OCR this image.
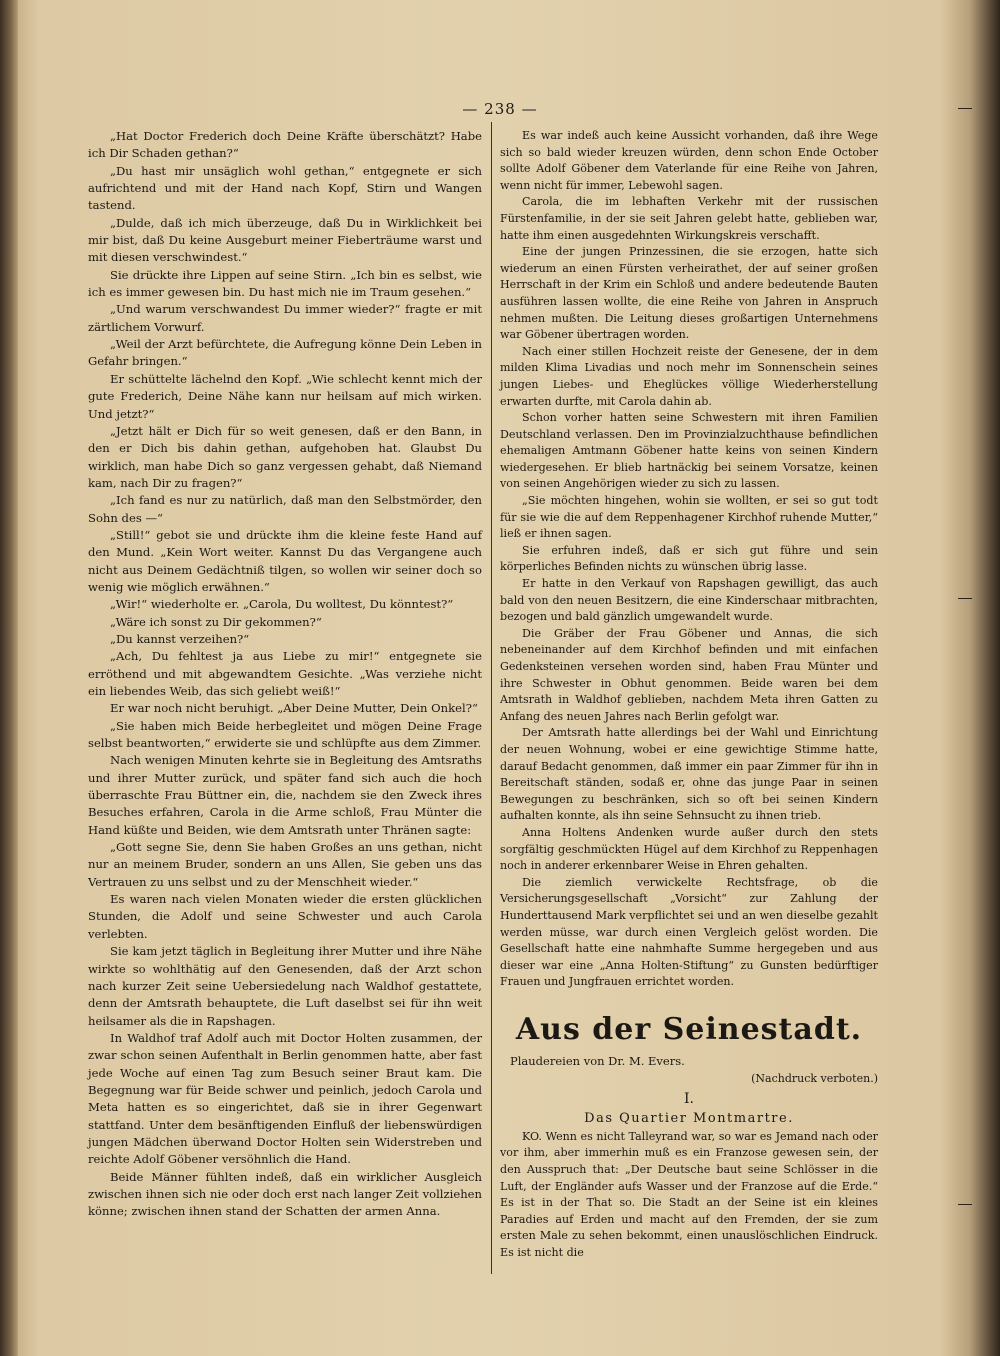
— 238 —

„Hat Doctor Frederich doch Deine Kräfte überschätzt? Habe ich Dir Schaden gethan?“

„Du hast mir unsäglich wohl gethan,“ entgegnete er sich aufrichtend und mit der Hand nach Kopf, Stirn und Wangen tastend.

„Dulde, daß ich mich überzeuge, daß Du in Wirklichkeit bei mir bist, daß Du keine Ausgeburt meiner Fieberträume warst und mit diesen verschwindest.“

Sie drückte ihre Lippen auf seine Stirn. „Ich bin es selbst, wie ich es immer gewesen bin. Du hast mich nie im Traum gesehen.“

„Und warum verschwandest Du immer wieder?“ fragte er mit zärtlichem Vorwurf.

„Weil der Arzt befürchtete, die Aufregung könne Dein Leben in Gefahr bringen.“

Er schüttelte lächelnd den Kopf. „Wie schlecht kennt mich der gute Frederich, Deine Nähe kann nur heilsam auf mich wirken. Und jetzt?“

„Jetzt hält er Dich für so weit genesen, daß er den Bann, in den er Dich bis dahin gethan, aufgehoben hat. Glaubst Du wirklich, man habe Dich so ganz vergessen gehabt, daß Niemand kam, nach Dir zu fragen?“

„Ich fand es nur zu natürlich, daß man den Selbstmörder, den Sohn des —“

„Still!“ gebot sie und drückte ihm die kleine feste Hand auf den Mund. „Kein Wort weiter. Kannst Du das Vergangene auch nicht aus Deinem Gedächtniß tilgen, so wollen wir seiner doch so wenig wie möglich erwähnen.“

„Wir!“ wiederholte er. „Carola, Du wolltest, Du könntest?“

„Wäre ich sonst zu Dir gekommen?“

„Du kannst verzeihen?“

„Ach, Du fehltest ja aus Liebe zu mir!“ entgegnete sie erröthend und mit abgewandtem Gesichte. „Was verziehe nicht ein liebendes Weib, das sich geliebt weiß!“

Er war noch nicht beruhigt. „Aber Deine Mutter, Dein Onkel?“

„Sie haben mich Beide herbegleitet und mögen Deine Frage selbst beantworten,“ erwiderte sie und schlüpfte aus dem Zimmer.

Nach wenigen Minuten kehrte sie in Begleitung des Amtsraths und ihrer Mutter zurück, und später fand sich auch die hoch überraschte Frau Büttner ein, die, nachdem sie den Zweck ihres Besuches erfahren, Carola in die Arme schloß, Frau Münter die Hand küßte und Beiden, wie dem Amtsrath unter Thränen sagte:

„Gott segne Sie, denn Sie haben Großes an uns gethan, nicht nur an meinem Bruder, sondern an uns Allen, Sie geben uns das Vertrauen zu uns selbst und zu der Menschheit wieder.“

Es waren nach vielen Monaten wieder die ersten glücklichen Stunden, die Adolf und seine Schwester und auch Carola verlebten.

Sie kam jetzt täglich in Begleitung ihrer Mutter und ihre Nähe wirkte so wohlthätig auf den Genesenden, daß der Arzt schon nach kurzer Zeit seine Uebersiedelung nach Waldhof gestattete, denn der Amtsrath behauptete, die Luft daselbst sei für ihn weit heilsamer als die in Rapshagen.

In Waldhof traf Adolf auch mit Doctor Holten zusammen, der zwar schon seinen Aufenthalt in Berlin genommen hatte, aber fast jede Woche auf einen Tag zum Besuch seiner Braut kam. Die Begegnung war für Beide schwer und peinlich, jedoch Carola und Meta hatten es so eingerichtet, daß sie in ihrer Gegenwart stattfand. Unter dem besänftigenden Einfluß der liebenswürdigen jungen Mädchen überwand Doctor Holten sein Widerstreben und reichte Adolf Göbener versöhnlich die Hand.

Beide Männer fühlten indeß, daß ein wirklicher Ausgleich zwischen ihnen sich nie oder doch erst nach langer Zeit vollziehen könne; zwischen ihnen stand der Schatten der armen Anna.

Es war indeß auch keine Aussicht vorhanden, daß ihre Wege sich so bald wieder kreuzen würden, denn schon Ende October sollte Adolf Göbener dem Vaterlande für eine Reihe von Jahren, wenn nicht für immer, Lebewohl sagen.

Carola, die im lebhaften Verkehr mit der russischen Fürstenfamilie, in der sie seit Jahren gelebt hatte, geblieben war, hatte ihm einen ausgedehnten Wirkungskreis verschafft.

Eine der jungen Prinzessinen, die sie erzogen, hatte sich wiederum an einen Fürsten verheirathet, der auf seiner großen Herrschaft in der Krim ein Schloß und andere bedeutende Bauten ausführen lassen wollte, die eine Reihe von Jahren in Anspruch nehmen mußten. Die Leitung dieses großartigen Unternehmens war Göbener übertragen worden.

Nach einer stillen Hochzeit reiste der Genesene, der in dem milden Klima Livadias und noch mehr im Sonnenschein seines jungen Liebes- und Eheglückes völlige Wiederherstellung erwarten durfte, mit Carola dahin ab.

Schon vorher hatten seine Schwestern mit ihren Familien Deutschland verlassen. Den im Provinzialzuchthause befindlichen ehemaligen Amtmann Göbener hatte keins von seinen Kindern wiedergesehen. Er blieb hartnäckig bei seinem Vorsatze, keinen von seinen Angehörigen wieder zu sich zu lassen.

„Sie möchten hingehen, wohin sie wollten, er sei so gut todt für sie wie die auf dem Reppenhagener Kirchhof ruhende Mutter,“ ließ er ihnen sagen.

Sie erfuhren indeß, daß er sich gut führe und sein körperliches Befinden nichts zu wünschen übrig lasse.

Er hatte in den Verkauf von Rapshagen gewilligt, das auch bald von den neuen Besitzern, die eine Kinderschaar mitbrachten, bezogen und bald gänzlich umgewandelt wurde.

Die Gräber der Frau Göbener und Annas, die sich nebeneinander auf dem Kirchhof befinden und mit einfachen Gedenksteinen versehen worden sind, haben Frau Münter und ihre Schwester in Obhut genommen. Beide waren bei dem Amtsrath in Waldhof geblieben, nachdem Meta ihren Gatten zu Anfang des neuen Jahres nach Berlin gefolgt war.

Der Amtsrath hatte allerdings bei der Wahl und Einrichtung der neuen Wohnung, wobei er eine gewichtige Stimme hatte, darauf Bedacht genommen, daß immer ein paar Zimmer für ihn in Bereitschaft ständen, sodaß er, ohne das junge Paar in seinen Bewegungen zu beschränken, sich so oft bei seinen Kindern aufhalten konnte, als ihn seine Sehnsucht zu ihnen trieb.

Anna Holtens Andenken wurde außer durch den stets sorgfältig geschmückten Hügel auf dem Kirchhof zu Reppenhagen noch in anderer erkennbarer Weise in Ehren gehalten.

Die ziemlich verwickelte Rechtsfrage, ob die Versicherungsgesellschaft „Vorsicht“ zur Zahlung der Hunderttausend Mark verpflichtet sei und an wen dieselbe gezahlt werden müsse, war durch einen Vergleich gelöst worden. Die Gesellschaft hatte eine nahmhafte Summe hergegeben und aus dieser war eine „Anna Holten-Stiftung“ zu Gunsten bedürftiger Frauen und Jungfrauen errichtet worden.

Aus der Seinestadt.
Plaudereien von Dr. M. Evers.
(Nachdruck verboten.)
I.
Das Quartier Montmartre.

KO. Wenn es nicht Talleyrand war, so war es Jemand nach oder vor ihm, aber immerhin muß es ein Franzose gewesen sein, der den Ausspruch that: „Der Deutsche baut seine Schlösser in die Luft, der Engländer aufs Wasser und der Franzose auf die Erde.“ Es ist in der That so. Die Stadt an der Seine ist ein kleines Paradies auf Erden und macht auf den Fremden, der sie zum ersten Male zu sehen bekommt, einen unauslöschlichen Eindruck. Es ist nicht die
